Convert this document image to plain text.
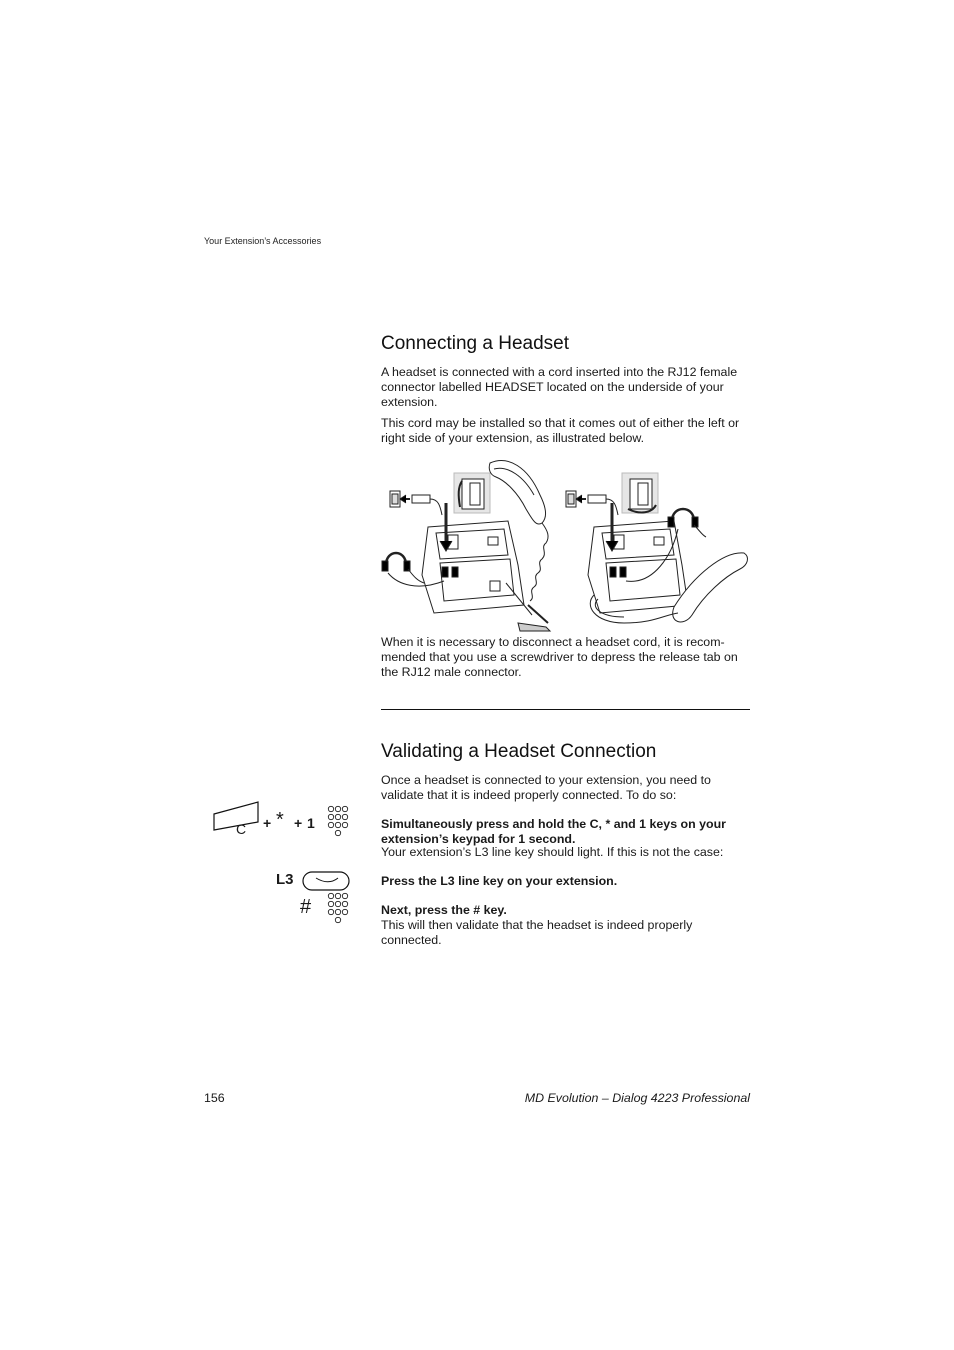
Your Extension’s Accessories
Connecting a Headset

A headset is connected with a cord inserted into the RJ12 female connector labelled HEADSET located on the underside of your extension.

This cord may be installed so that it comes out of either the left or right side of your extension, as illustrated below.

When it is necessary to disconnect a headset cord, it is recom-mended that you use a screwdriver to depress the release tab on the RJ12 male connector.

Validating a Headset Connection

Once a headset is connected to your extension, you need to validate that it is indeed properly connected. To do so:

C + * + 1	Simultaneously press and hold the C, * and 1 keys on your extension’s keypad for 1 second.

Your extension’s L3 line key should light. If this is not the case:

L3	Press the L3 line key on your extension.

#	Next, press the # key.

This will then validate that the headset is indeed properly connected.

156	MD Evolution – Dialog 4223 Professional
